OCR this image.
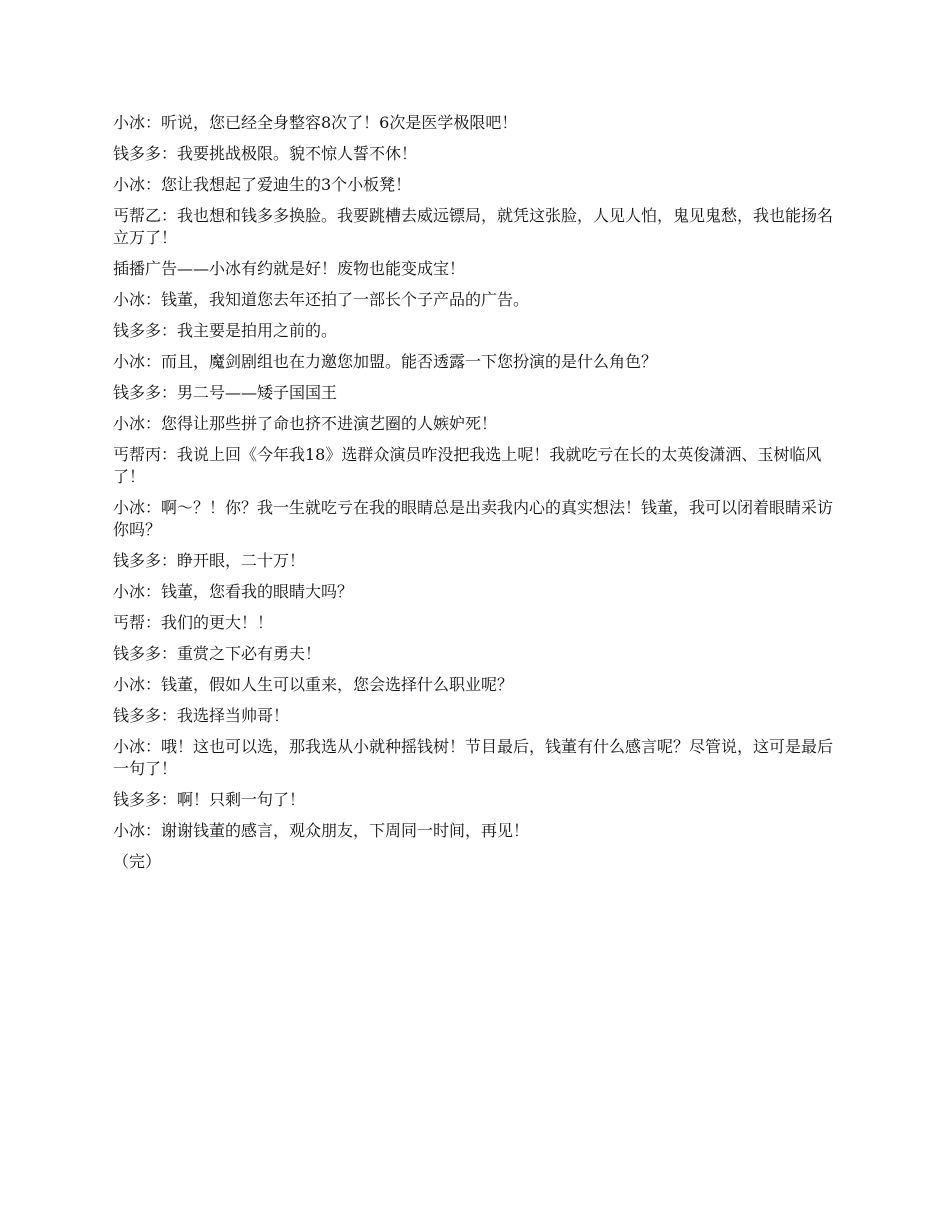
小冰：听说，您已经全身整容8次了！6次是医学极限吧！

钱多多：我要挑战极限。貌不惊人誓不休！

小冰：您让我想起了爱迪生的3个小板凳！

丐帮乙：我也想和钱多多换脸。我要跳槽去威远镖局，就凭这张脸，人见人怕，鬼见鬼愁，我也能扬名立万了！

插播广告——小冰有约就是好！废物也能变成宝！

小冰：钱董，我知道您去年还拍了一部长个子产品的广告。

钱多多：我主要是拍用之前的。

小冰：而且，魔剑剧组也在力邀您加盟。能否透露一下您扮演的是什么角色？

钱多多：男二号——矮子国国王

小冰：您得让那些拼了命也挤不进演艺圈的人嫉妒死！

丐帮丙：我说上回《今年我18》选群众演员咋没把我选上呢！我就吃亏在长的太英俊潇洒、玉树临风了！

小冰：啊～？！你？我一生就吃亏在我的眼睛总是出卖我内心的真实想法！钱董，我可以闭着眼睛采访你吗？

钱多多：睁开眼，二十万！

小冰：钱董，您看我的眼睛大吗？

丐帮：我们的更大！！

钱多多：重赏之下必有勇夫！

小冰：钱董，假如人生可以重来，您会选择什么职业呢？

钱多多：我选择当帅哥！

小冰：哦！这也可以选，那我选从小就种摇钱树！节目最后，钱董有什么感言呢？尽管说，这可是最后一句了！

钱多多：啊！只剩一句了！

小冰：谢谢钱董的感言，观众朋友，下周同一时间，再见！

（完）
